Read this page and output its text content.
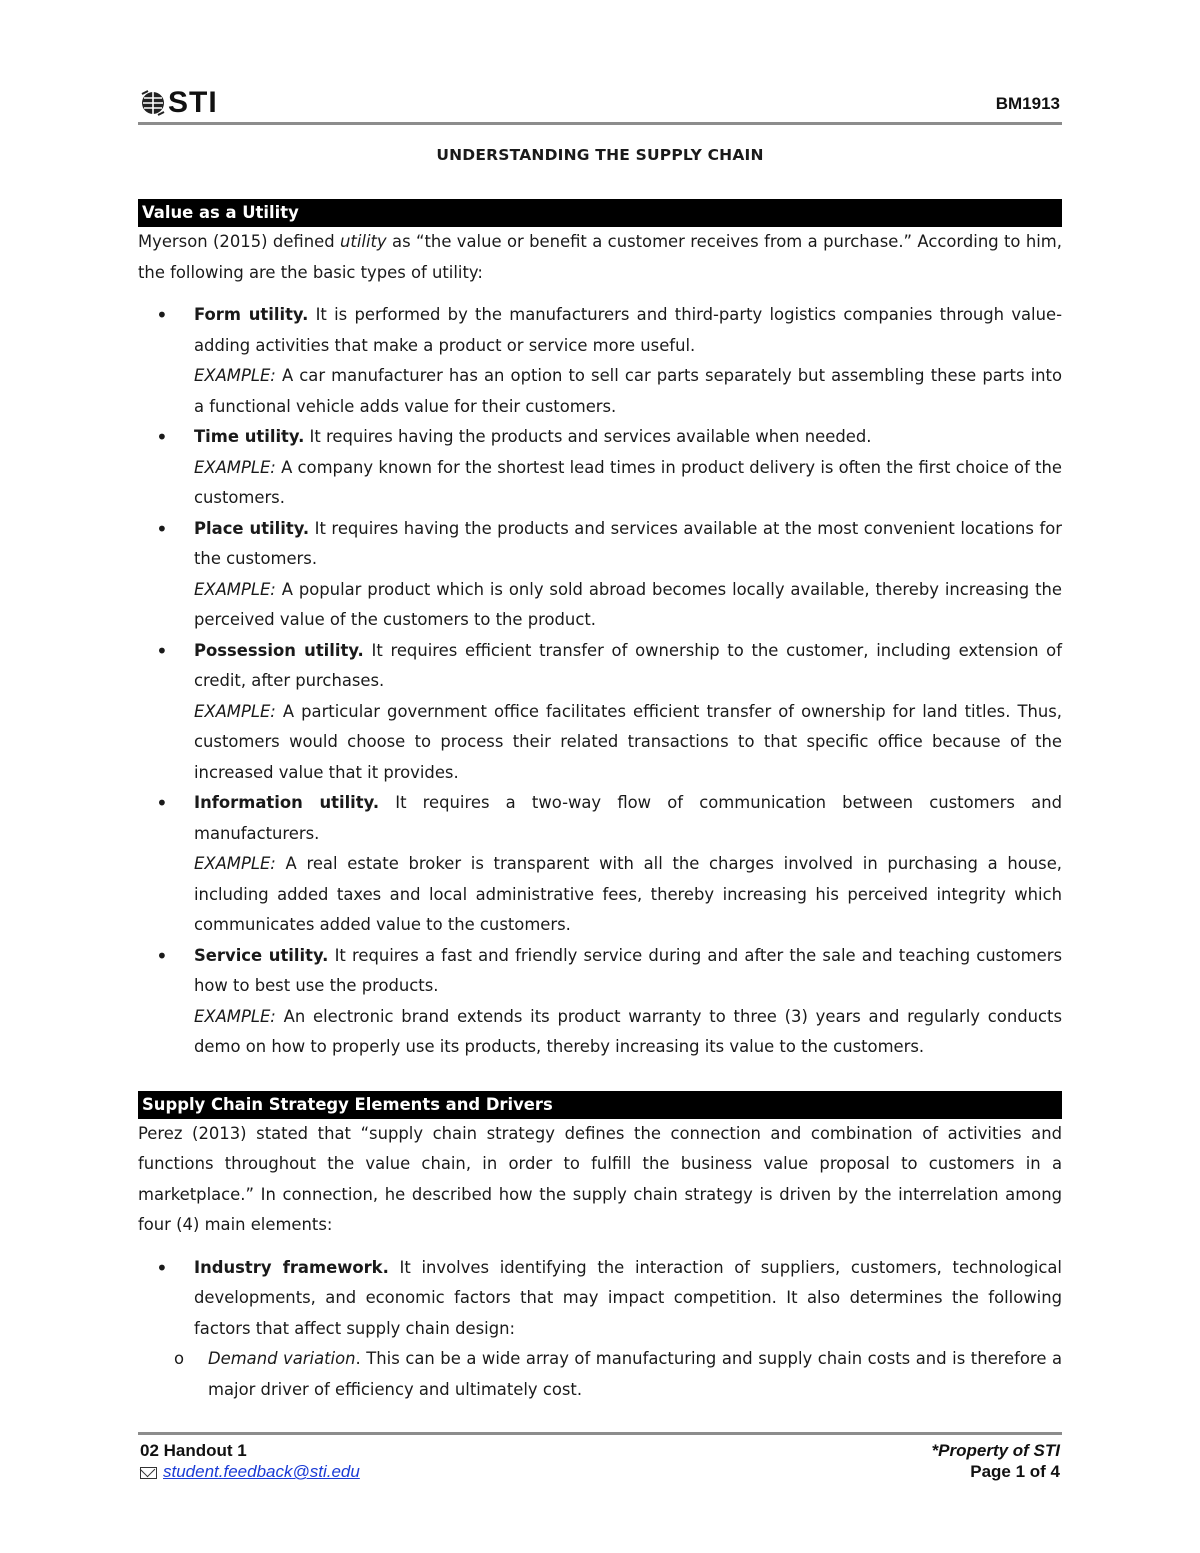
STI	BM1913
UNDERSTANDING THE SUPPLY CHAIN
Value as a Utility

Myerson (2015) defined utility as “the value or benefit a customer receives from a purchase.” According to him, the following are the basic types of utility:

• Form utility. It is performed by the manufacturers and third-party logistics companies through value-adding activities that make a product or service more useful.
EXAMPLE: A car manufacturer has an option to sell car parts separately but assembling these parts into a functional vehicle adds value for their customers.
• Time utility. It requires having the products and services available when needed.
EXAMPLE: A company known for the shortest lead times in product delivery is often the first choice of the customers.
• Place utility. It requires having the products and services available at the most convenient locations for the customers.
EXAMPLE: A popular product which is only sold abroad becomes locally available, thereby increasing the perceived value of the customers to the product.
• Possession utility. It requires efficient transfer of ownership to the customer, including extension of credit, after purchases.
EXAMPLE: A particular government office facilitates efficient transfer of ownership for land titles. Thus, customers would choose to process their related transactions to that specific office because of the increased value that it provides.
• Information utility. It requires a two-way flow of communication between customers and manufacturers.
EXAMPLE: A real estate broker is transparent with all the charges involved in purchasing a house, including added taxes and local administrative fees, thereby increasing his perceived integrity which communicates added value to the customers.
• Service utility. It requires a fast and friendly service during and after the sale and teaching customers how to best use the products.
EXAMPLE: An electronic brand extends its product warranty to three (3) years and regularly conducts demo on how to properly use its products, thereby increasing its value to the customers.
Supply Chain Strategy Elements and Drivers

Perez (2013) stated that “supply chain strategy defines the connection and combination of activities and functions throughout the value chain, in order to fulfill the business value proposal to customers in a marketplace.” In connection, he described how the supply chain strategy is driven by the interrelation among four (4) main elements:

• Industry framework. It involves identifying the interaction of suppliers, customers, technological developments, and economic factors that may impact competition. It also determines the following factors that affect supply chain design:
o Demand variation. This can be a wide array of manufacturing and supply chain costs and is therefore a major driver of efficiency and ultimately cost.
02 Handout 1
student.feedback@sti.edu
*Property of STI
Page 1 of 4
